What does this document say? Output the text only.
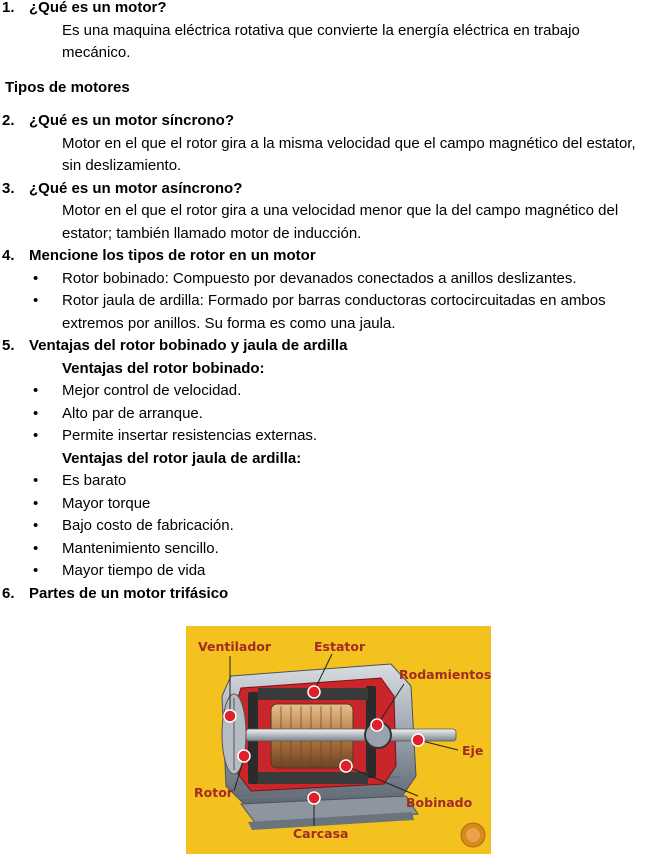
1. ¿Qué es un motor?
Es una maquina eléctrica rotativa que convierte la energía eléctrica en trabajo mecánico.
Tipos de motores
2. ¿Qué es un motor síncrono?
Motor en el que el rotor gira a la misma velocidad que el campo magnético del estator, sin deslizamiento.
3. ¿Qué es un motor asíncrono?
Motor en el que el rotor gira a una velocidad menor que la del campo magnético del estator; también llamado motor de inducción.
4. Mencione los tipos de rotor en un motor
• Rotor bobinado: Compuesto por devanados conectados a anillos deslizantes.
• Rotor jaula de ardilla: Formado por barras conductoras cortocircuitadas en ambos extremos por anillos. Su forma es como una jaula.
5. Ventajas del rotor bobinado y jaula de ardilla
Ventajas del rotor bobinado:
• Mejor control de velocidad.
• Alto par de arranque.
• Permite insertar resistencias externas.
Ventajas del rotor jaula de ardilla:
• Es barato
• Mayor torque
• Bajo costo de fabricación.
• Mantenimiento sencillo.
• Mayor tiempo de vida
6. Partes de un motor trifásico
Ventilador	Estator
Rodamientos
Eje
Rotor
Bobinado
Carcasa
